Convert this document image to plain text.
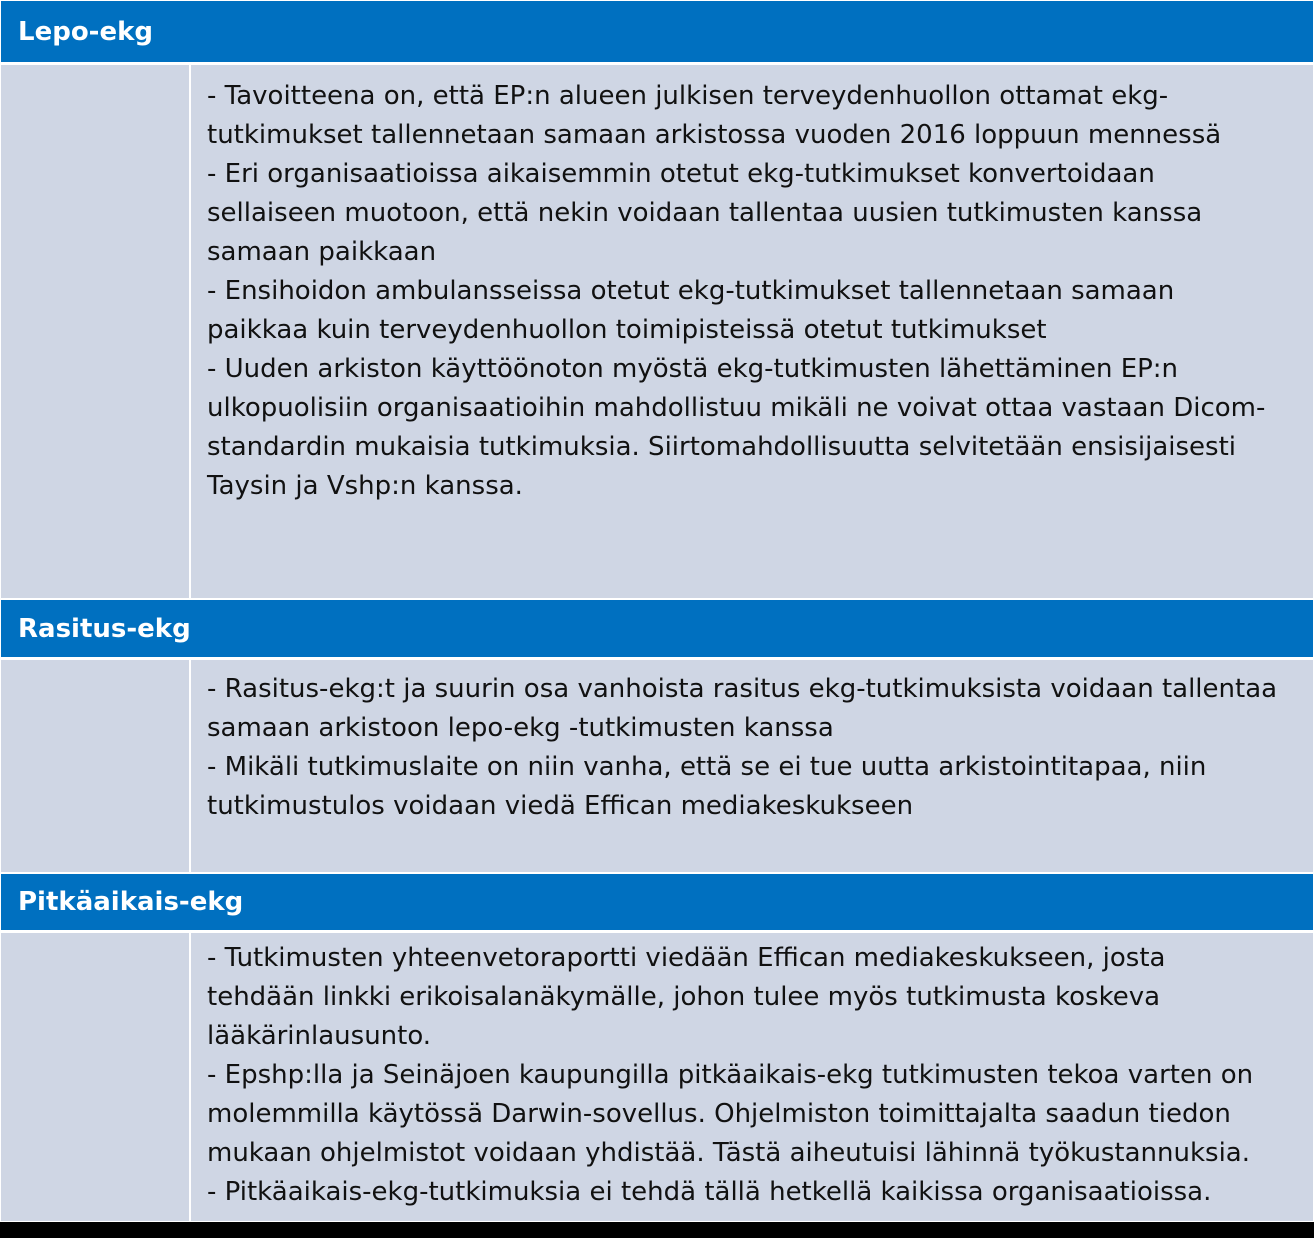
Lepo-ekg

- Tavoitteena on, että EP:n alueen julkisen terveydenhuollon ottamat ekg-

tutkimukset tallennetaan samaan arkistossa vuoden 2016 loppuun mennessä

- Eri organisaatioissa aikaisemmin otetut ekg-tutkimukset konvertoidaan

sellaiseen muotoon, että nekin voidaan tallentaa uusien tutkimusten kanssa

samaan paikkaan

- Ensihoidon ambulansseissa otetut ekg-tutkimukset tallennetaan samaan

paikkaa kuin terveydenhuollon toimipisteissä otetut tutkimukset

- Uuden arkiston käyttöönoton myöstä ekg-tutkimusten lähettäminen EP:n

ulkopuolisiin organisaatioihin mahdollistuu mikäli ne voivat ottaa vastaan Dicom-

standardin mukaisia tutkimuksia. Siirtomahdollisuutta selvitetään ensisijaisesti

Taysin ja Vshp:n kanssa.

Rasitus-ekg

- Rasitus-ekg:t ja suurin osa vanhoista rasitus ekg-tutkimuksista voidaan tallentaa

samaan arkistoon lepo-ekg -tutkimusten kanssa

- Mikäli tutkimuslaite on niin vanha, että se ei tue uutta arkistointitapaa, niin

tutkimustulos voidaan viedä Effican mediakeskukseen

Pitkäaikais-ekg

- Tutkimusten yhteenvetoraportti viedään Effican mediakeskukseen, josta

tehdään linkki erikoisalanäkymälle, johon tulee myös tutkimusta koskeva

lääkärinlausunto.

- Epshp:lla ja Seinäjoen kaupungilla pitkäaikais-ekg tutkimusten tekoa varten on

molemmilla käytössä Darwin-sovellus. Ohjelmiston toimittajalta saadun tiedon

mukaan ohjelmistot voidaan yhdistää. Tästä aiheutuisi lähinnä työkustannuksia.

- Pitkäaikais-ekg-tutkimuksia ei tehdä tällä hetkellä kaikissa organisaatioissa.
